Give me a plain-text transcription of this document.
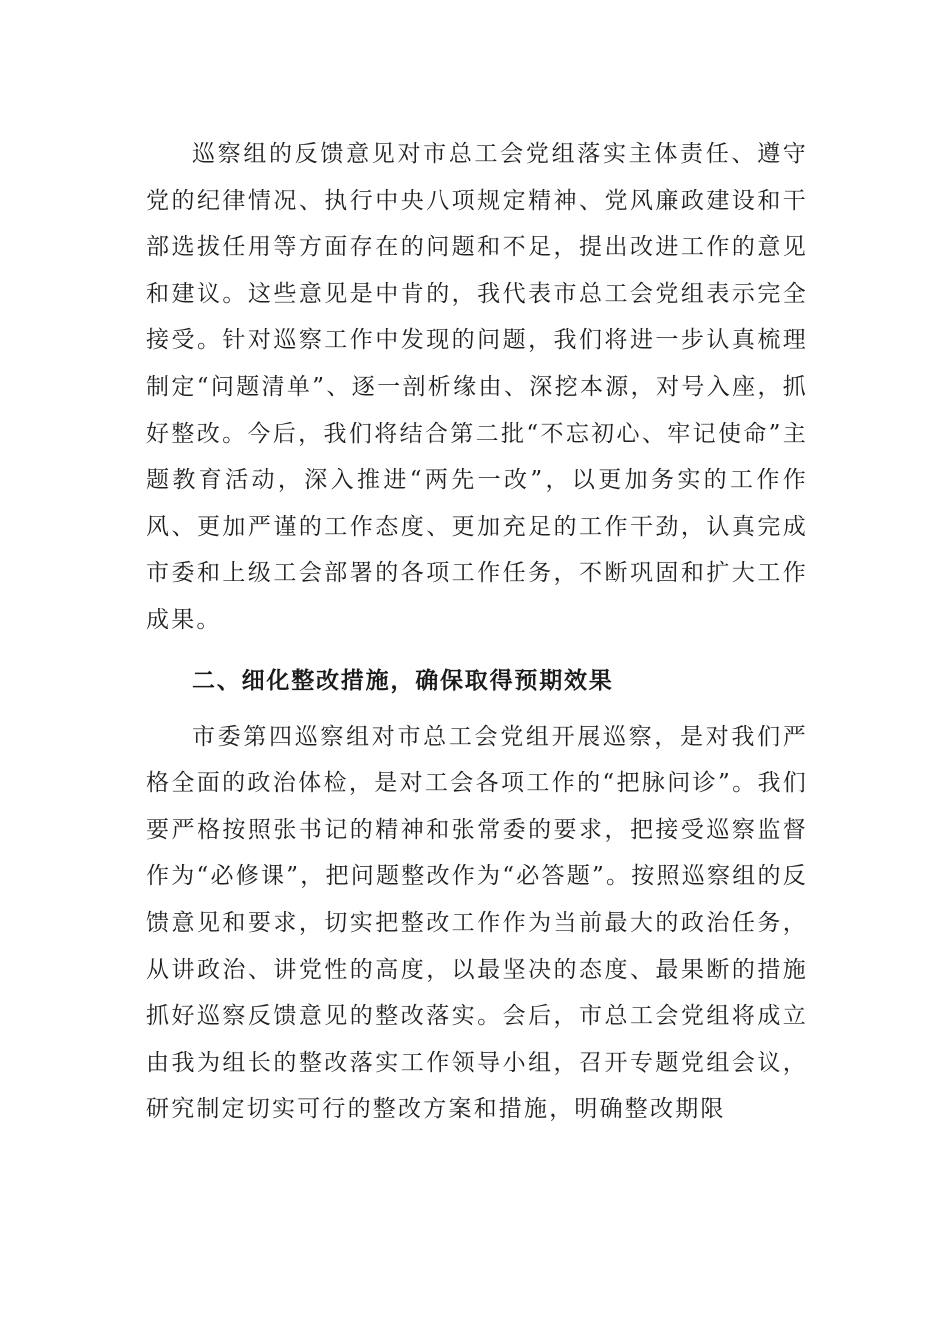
巡察组的反馈意见对市总工会党组落实主体责任、遵守党的纪律情况、执行中央八项规定精神、党风廉政建设和干部选拔任用等方面存在的问题和不足，提出改进工作的意见和建议。这些意见是中肯的，我代表市总工会党组表示完全接受。针对巡察工作中发现的问题，我们将进一步认真梳理制定“问题清单”、逐一剖析缘由、深挖本源，对号入座，抓好整改。今后，我们将结合第二批“不忘初心、牢记使命”主题教育活动，深入推进“两先一改”，以更加务实的工作作风、更加严谨的工作态度、更加充足的工作干劲，认真完成市委和上级工会部署的各项工作任务，不断巩固和扩大工作成果。

二、细化整改措施，确保取得预期效果

市委第四巡察组对市总工会党组开展巡察，是对我们严格全面的政治体检，是对工会各项工作的“把脉问诊”。我们要严格按照张书记的精神和张常委的要求，把接受巡察监督作为“必修课”，把问题整改作为“必答题”。按照巡察组的反馈意见和要求，切实把整改工作作为当前最大的政治任务，从讲政治、讲党性的高度，以最坚决的态度、最果断的措施抓好巡察反馈意见的整改落实。会后，市总工会党组将成立由我为组长的整改落实工作领导小组，召开专题党组会议，研究制定切实可行的整改方案和措施，明确整改期限
